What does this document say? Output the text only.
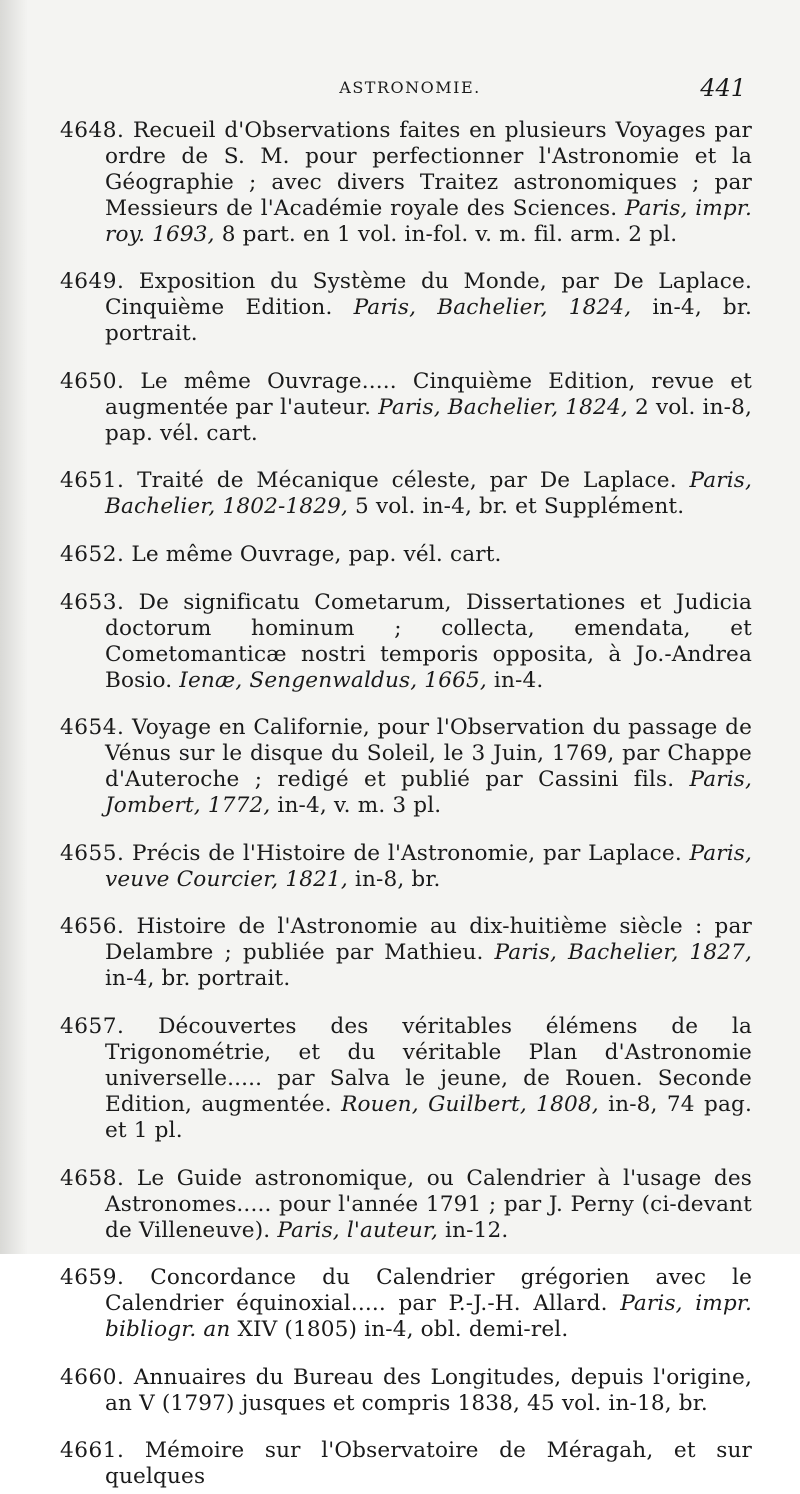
ASTRONOMIE.	441

4648. Recueil d'Observations faites en plusieurs Voyages par ordre de S. M. pour perfectionner l'Astronomie et la Géographie ; avec divers Traitez astronomiques ; par Messieurs de l'Académie royale des Sciences. Paris, impr. roy. 1693, 8 part. en 1 vol. in-fol. v. m. fil. arm. 2 pl.

4649. Exposition du Système du Monde, par De Laplace. Cinquième Edition. Paris, Bachelier, 1824, in-4, br. portrait.

4650. Le même Ouvrage..... Cinquième Edition, revue et augmentée par l'auteur. Paris, Bachelier, 1824, 2 vol. in-8, pap. vél. cart.

4651. Traité de Mécanique céleste, par De Laplace. Paris, Bachelier, 1802-1829, 5 vol. in-4, br. et Supplément.

4652. Le même Ouvrage, pap. vél. cart.

4653. De significatu Cometarum, Dissertationes et Judicia doctorum hominum ; collecta, emendata, et Cometomanticæ nostri temporis opposita, à Jo.-Andrea Bosio. Ienæ, Sengenwaldus, 1665, in-4.

4654. Voyage en Californie, pour l'Observation du passage de Vénus sur le disque du Soleil, le 3 Juin, 1769, par Chappe d'Auteroche ; redigé et publié par Cassini fils. Paris, Jombert, 1772, in-4, v. m. 3 pl.

4655. Précis de l'Histoire de l'Astronomie, par Laplace. Paris, veuve Courcier, 1821, in-8, br.

4656. Histoire de l'Astronomie au dix-huitième siècle : par Delambre ; publiée par Mathieu. Paris, Bachelier, 1827, in-4, br. portrait.

4657. Découvertes des véritables élémens de la Trigonométrie, et du véritable Plan d'Astronomie universelle..... par Salva le jeune, de Rouen. Seconde Edition, augmentée. Rouen, Guilbert, 1808, in-8, 74 pag. et 1 pl.

4658. Le Guide astronomique, ou Calendrier à l'usage des Astronomes..... pour l'année 1791 ; par J. Perny (ci-devant de Villeneuve). Paris, l'auteur, in-12.

4659. Concordance du Calendrier grégorien avec le Calendrier équinoxial..... par P.-J.-H. Allard. Paris, impr. bibliogr. an XIV (1805) in-4, obl. demi-rel.

4660. Annuaires du Bureau des Longitudes, depuis l'origine, an V (1797) jusques et compris 1838, 45 vol. in-18, br.

4661. Mémoire sur l'Observatoire de Méragah, et sur quelques
